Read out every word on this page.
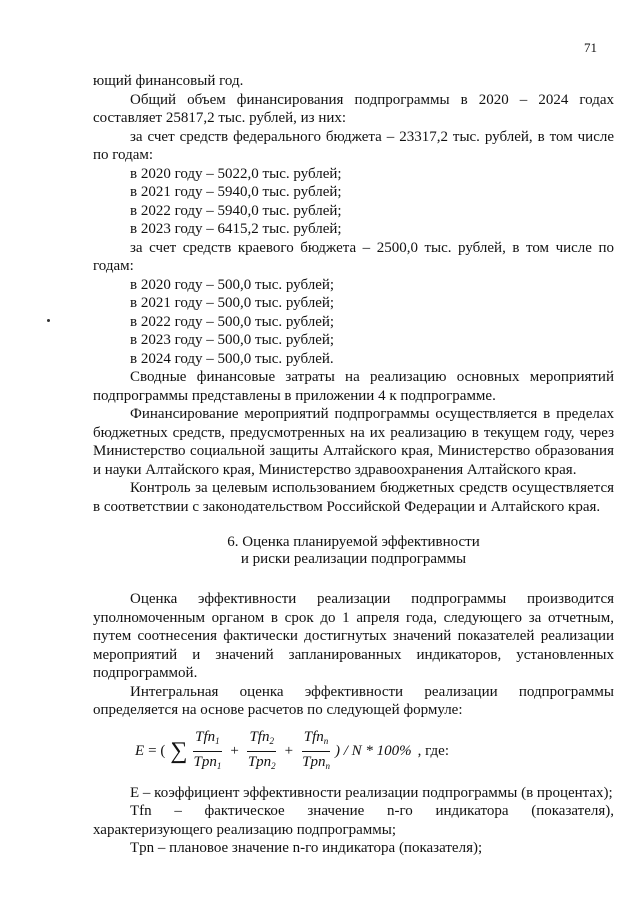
71

ющий финансовый год.

Общий объем финансирования подпрограммы в 2020 – 2024 годах составляет 25817,2 тыс. рублей, из них:

за счет средств федерального бюджета – 23317,2 тыс. рублей, в том числе по годам:

в 2020 году – 5022,0 тыс. рублей;

в 2021 году – 5940,0 тыс. рублей;

в 2022 году – 5940,0 тыс. рублей;

в 2023 году – 6415,2 тыс. рублей;

за счет средств краевого бюджета – 2500,0 тыс. рублей, в том числе по годам:

в 2020 году – 500,0 тыс. рублей;

в 2021 году – 500,0 тыс. рублей;

в 2022 году – 500,0 тыс. рублей;

в 2023 году – 500,0 тыс. рублей;

в 2024 году – 500,0 тыс. рублей.

Сводные финансовые затраты на реализацию основных мероприятий подпрограммы представлены в приложении 4 к подпрограмме.

Финансирование мероприятий подпрограммы осуществляется в пределах бюджетных средств, предусмотренных на их реализацию в текущем году, через Министерство социальной защиты Алтайского края, Министерство образования и науки Алтайского края, Министерство здравоохранения Алтайского края.

Контроль за целевым использованием бюджетных средств осуществляется в соответствии с законодательством Российской Федерации и Алтайского края.

6. Оценка планируемой эффективности
и риски реализации подпрограммы

Оценка эффективности реализации подпрограммы производится уполномоченным органом в срок до 1 апреля года, следующего за отчетным, путем соотнесения фактически достигнутых значений показателей реализации мероприятий и значений запланированных индикаторов, установленных подпрограммой.

Интегральная оценка эффективности реализации подпрограммы определяется на основе расчетов по следующей формуле:

E = ( ∑ $\frac{Tfn_1}{Tpn_1} + \frac{Tfn_2}{Tpn_2} + \frac{Tfn_n}{Tpn_n}$ ) / N * 100% , где:

E – коэффициент эффективности реализации подпрограммы (в процентах);

Tfn – фактическое значение n-го индикатора (показателя), характеризующего реализацию подпрограммы;

Tpn – плановое значение n-го индикатора (показателя);
